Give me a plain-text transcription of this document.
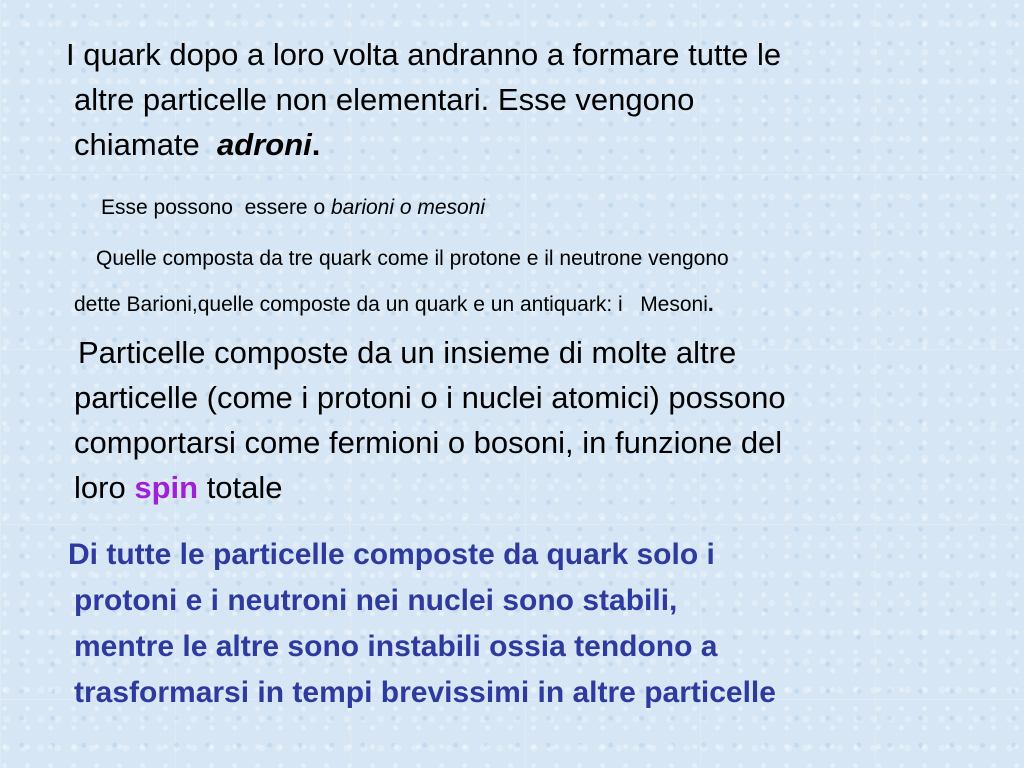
I quark dopo a loro volta andranno a formare tutte le
altre particelle non elementari. Esse vengono
chiamate adroni.
Esse possono  essere o barioni o mesoni
Quelle composta da tre quark come il protone e il neutrone vengono
dette Barioni,quelle composte da un quark e un antiquark: i   Mesoni.
Particelle composte da un insieme di molte altre
particelle (come i protoni o i nuclei atomici) possono
comportarsi come fermioni o bosoni, in funzione del
loro spin totale
Di tutte le particelle composte da quark solo i
protoni e i neutroni nei nuclei sono stabili,
mentre le altre sono instabili ossia tendono a
trasformarsi in tempi brevissimi in altre particelle
